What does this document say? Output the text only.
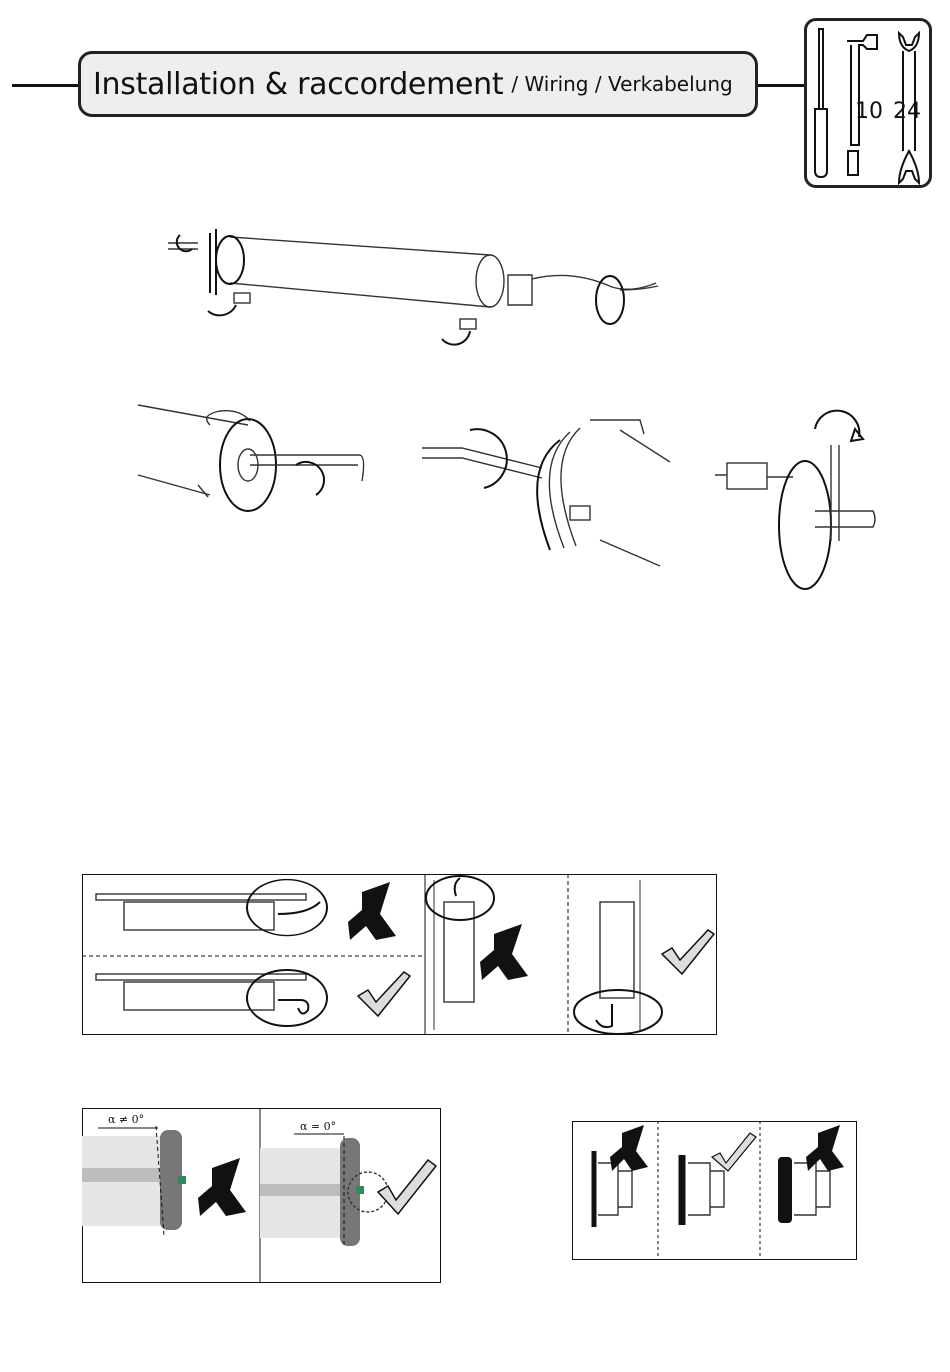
Installation & raccordement / Wiring / Verkabelung
10 24
α ≠ 0°
α = 0°
